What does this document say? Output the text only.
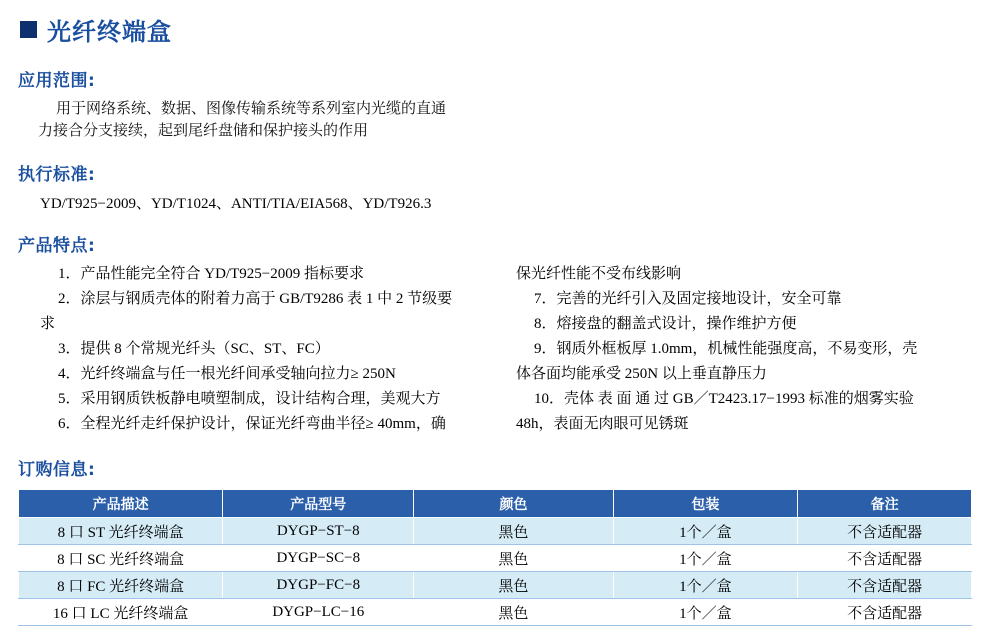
光纤终端盒
应用范围:
用于网络系统、数据、图像传输系统等系列室内光缆的直通
力接合分支接续，起到尾纤盘储和保护接头的作用
执行标准:
YD/T925−2009、YD/T1024、ANTI/TIA/EIA568、YD/T926.3
产品特点:
1．产品性能完全符合 YD/T925−2009 指标要求
2．涂层与钢质壳体的附着力高于 GB/T9286 表 1 中 2 节级要
求
3．提供 8 个常规光纤头（SC、ST、FC）
4．光纤终端盒与任一根光纤间承受轴向拉力≥ 250N
5．采用钢质铁板静电喷塑制成，设计结构合理，美观大方
6．全程光纤走纤保护设计，保证光纤弯曲半径≥ 40mm，确
保光纤性能不受布线影响
7．完善的光纤引入及固定接地设计，安全可靠
8．熔接盘的翻盖式设计，操作维护方便
9．钢质外框板厚 1.0mm，机械性能强度高，不易变形，壳
体各面均能承受 250N 以上垂直静压力
10．壳体 表 面 通 过 GB／T2423.17−1993 标准的烟雾实验
48h，表面无肉眼可见锈斑
订购信息:
产品描述	产品型号	颜色	包装	备注
8 口 ST 光纤终端盒	DYGP−ST−8	黑色	1个／盒	不含适配器
8 口 SC 光纤终端盒	DYGP−SC−8	黑色	1个／盒	不含适配器
8 口 FC 光纤终端盒	DYGP−FC−8	黑色	1个／盒	不含适配器
16 口 LC 光纤终端盒	DYGP−LC−16	黑色	1个／盒	不含适配器
